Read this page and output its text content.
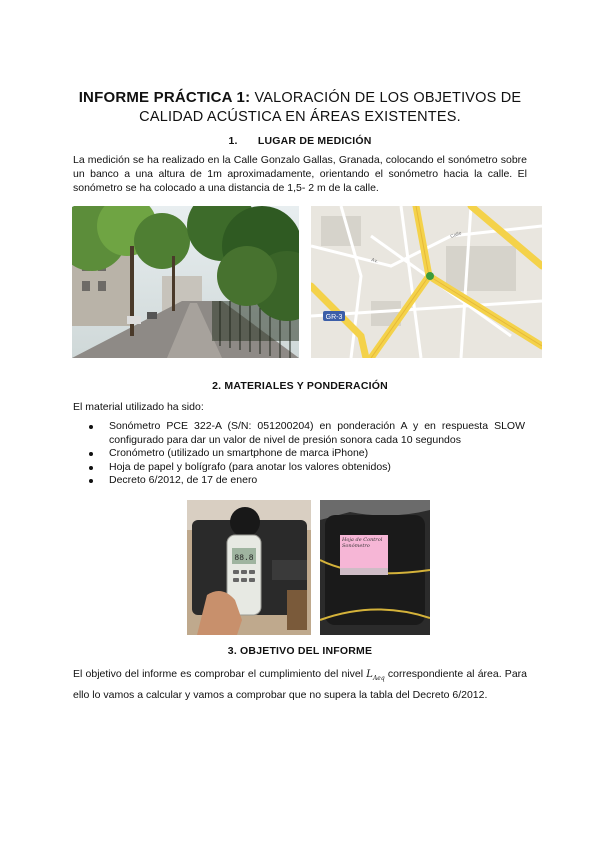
INFORME PRÁCTICA 1: VALORACIÓN DE LOS OBJETIVOS DE
CALIDAD ACÚSTICA EN ÁREAS EXISTENTES.
1. LUGAR DE MEDICIÓN
La medición se ha realizado en la Calle Gonzalo Gallas, Granada, colocando el sonómetro sobre un banco a una altura de 1m aproximadamente, orientando el sonómetro hacia la calle. El sonómetro se ha colocado a una distancia de 1,5- 2 m de la calle.
GR-3
Calle
Av.
2. MATERIALES Y PONDERACIÓN
El material utilizado ha sido:
Sonómetro PCE 322-A (S/N: 051200204) en ponderación A y en respuesta SLOW configurado para dar un valor de nivel de presión sonora cada 10 segundos
Cronómetro (utilizado un smartphone de marca iPhone)
Hoja de papel y bolígrafo (para anotar los valores obtenidos)
Decreto 6/2012, de 17 de enero
88.8
Hoja de Control Sonómetro
3. OBJETIVO DEL INFORME
El objetivo del informe es comprobar el cumplimiento del nivel $L_{Aeq}$ correspondiente al área. Para ello lo vamos a calcular y vamos a comprobar que no supera la tabla del Decreto 6/2012.
